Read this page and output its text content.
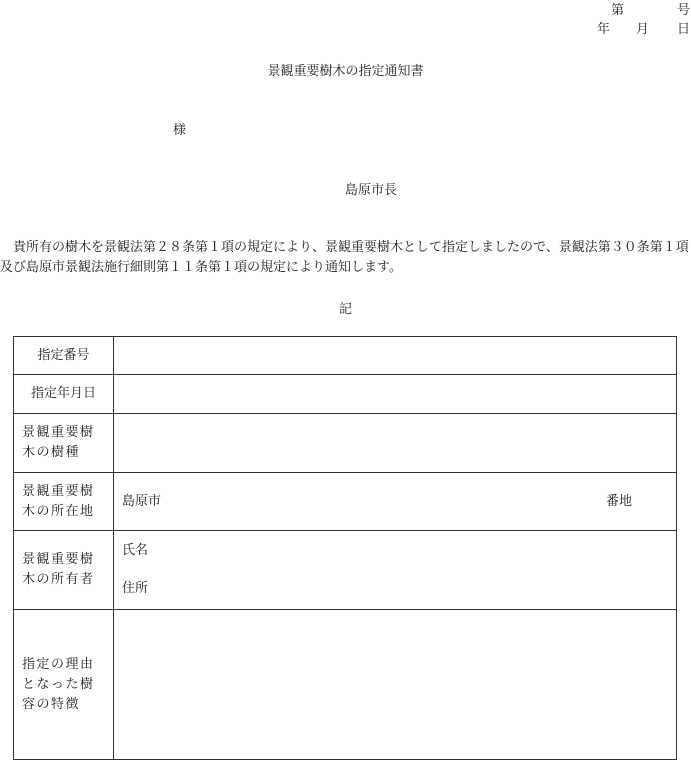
第	号
年 月 日
景観重要樹木の指定通知書
様
島原市長
　貴所有の樹木を景観法第２８条第１項の規定により、景観重要樹木として指定しましたので、景観法第３０条第１項及び島原市景観法施行細則第１１条第１項の規定により通知します。
記
指定番号	
指定年月日	
景観重要樹木の樹種	
景観重要樹木の所在地	島原市 番地

景観重要樹木の所有者	氏名
住所

指定の理由となった樹容の特徴	
